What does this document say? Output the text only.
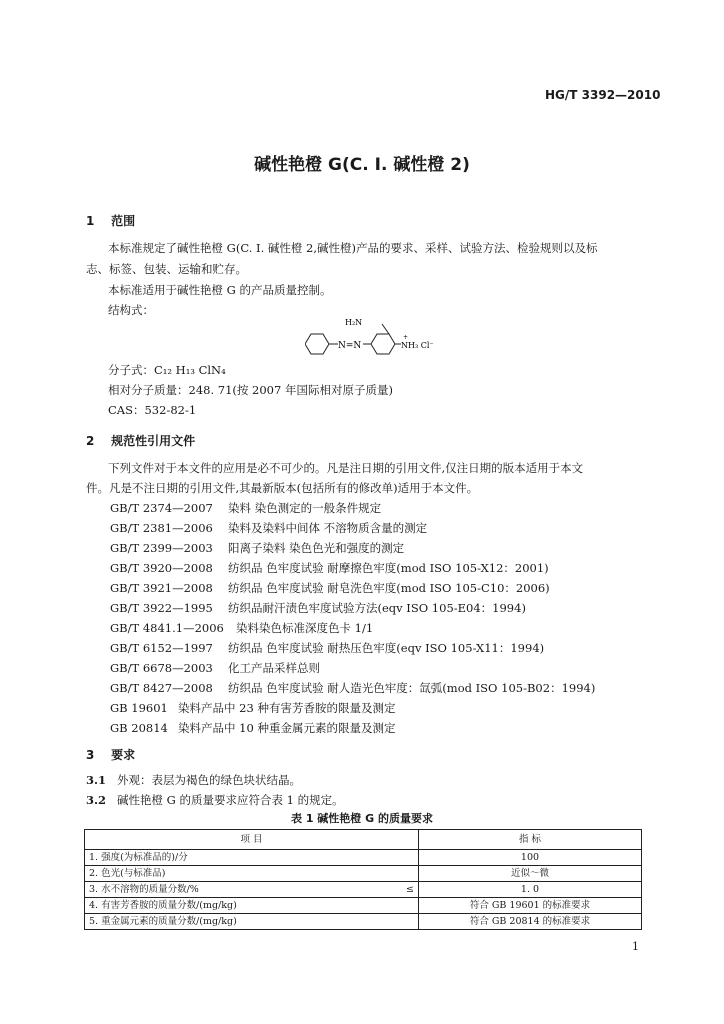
HG/T 3392—2010
碱性艳橙 G(C. I. 碱性橙 2)
1 范围
本标准规定了碱性艳橙 G(C. I. 碱性橙 2,碱性橙)产品的要求、采样、试验方法、检验规则以及标
志、标签、包装、运输和贮存。
本标准适用于碱性艳橙 G 的产品质量控制。
结构式：
N=N
H₂N
+
NH₃ Cl⁻
分子式：C₁₂ H₁₃ ClN₄
相对分子质量：248. 71(按 2007 年国际相对原子质量)
CAS：532-82-1
2 规范性引用文件
下列文件对于本文件的应用是必不可少的。凡是注日期的引用文件,仅注日期的版本适用于本文
件。凡是不注日期的引用文件,其最新版本(包括所有的修改单)适用于本文件。
GB/T 2374—2007 染料 染色测定的一般条件规定
GB/T 2381—2006 染料及染料中间体 不溶物质含量的测定
GB/T 2399—2003 阳离子染料 染色色光和强度的测定
GB/T 3920—2008 纺织品 色牢度试验 耐摩擦色牢度(mod ISO 105-X12：2001)
GB/T 3921—2008 纺织品 色牢度试验 耐皂洗色牢度(mod ISO 105-C10：2006)
GB/T 3922—1995 纺织品耐汗渍色牢度试验方法(eqv ISO 105-E04：1994)
GB/T 4841.1—2006 染料染色标准深度色卡 1/1
GB/T 6152—1997 纺织品 色牢度试验 耐热压色牢度(eqv ISO 105-X11：1994)
GB/T 6678—2003 化工产品采样总则
GB/T 8427—2008 纺织品 色牢度试验 耐人造光色牢度：氙弧(mod ISO 105-B02：1994)
GB 19601 染料产品中 23 种有害芳香胺的限量及测定
GB 20814 染料产品中 10 种重金属元素的限量及测定
3 要求
3.1 外观：表层为褐色的绿色块状结晶。
3.2 碱性艳橙 G 的质量要求应符合表 1 的规定。
表 1 碱性艳橙 G 的质量要求
项 目	指 标
1. 强度(为标准品的)/分	100
2. 色光(与标准品)	近似～微
3. 水不溶物的质量分数/% ≤	1. 0
4. 有害芳香胺的质量分数/(mg/kg)	符合 GB 19601 的标准要求
5. 重金属元素的质量分数/(mg/kg)	符合 GB 20814 的标准要求
1
